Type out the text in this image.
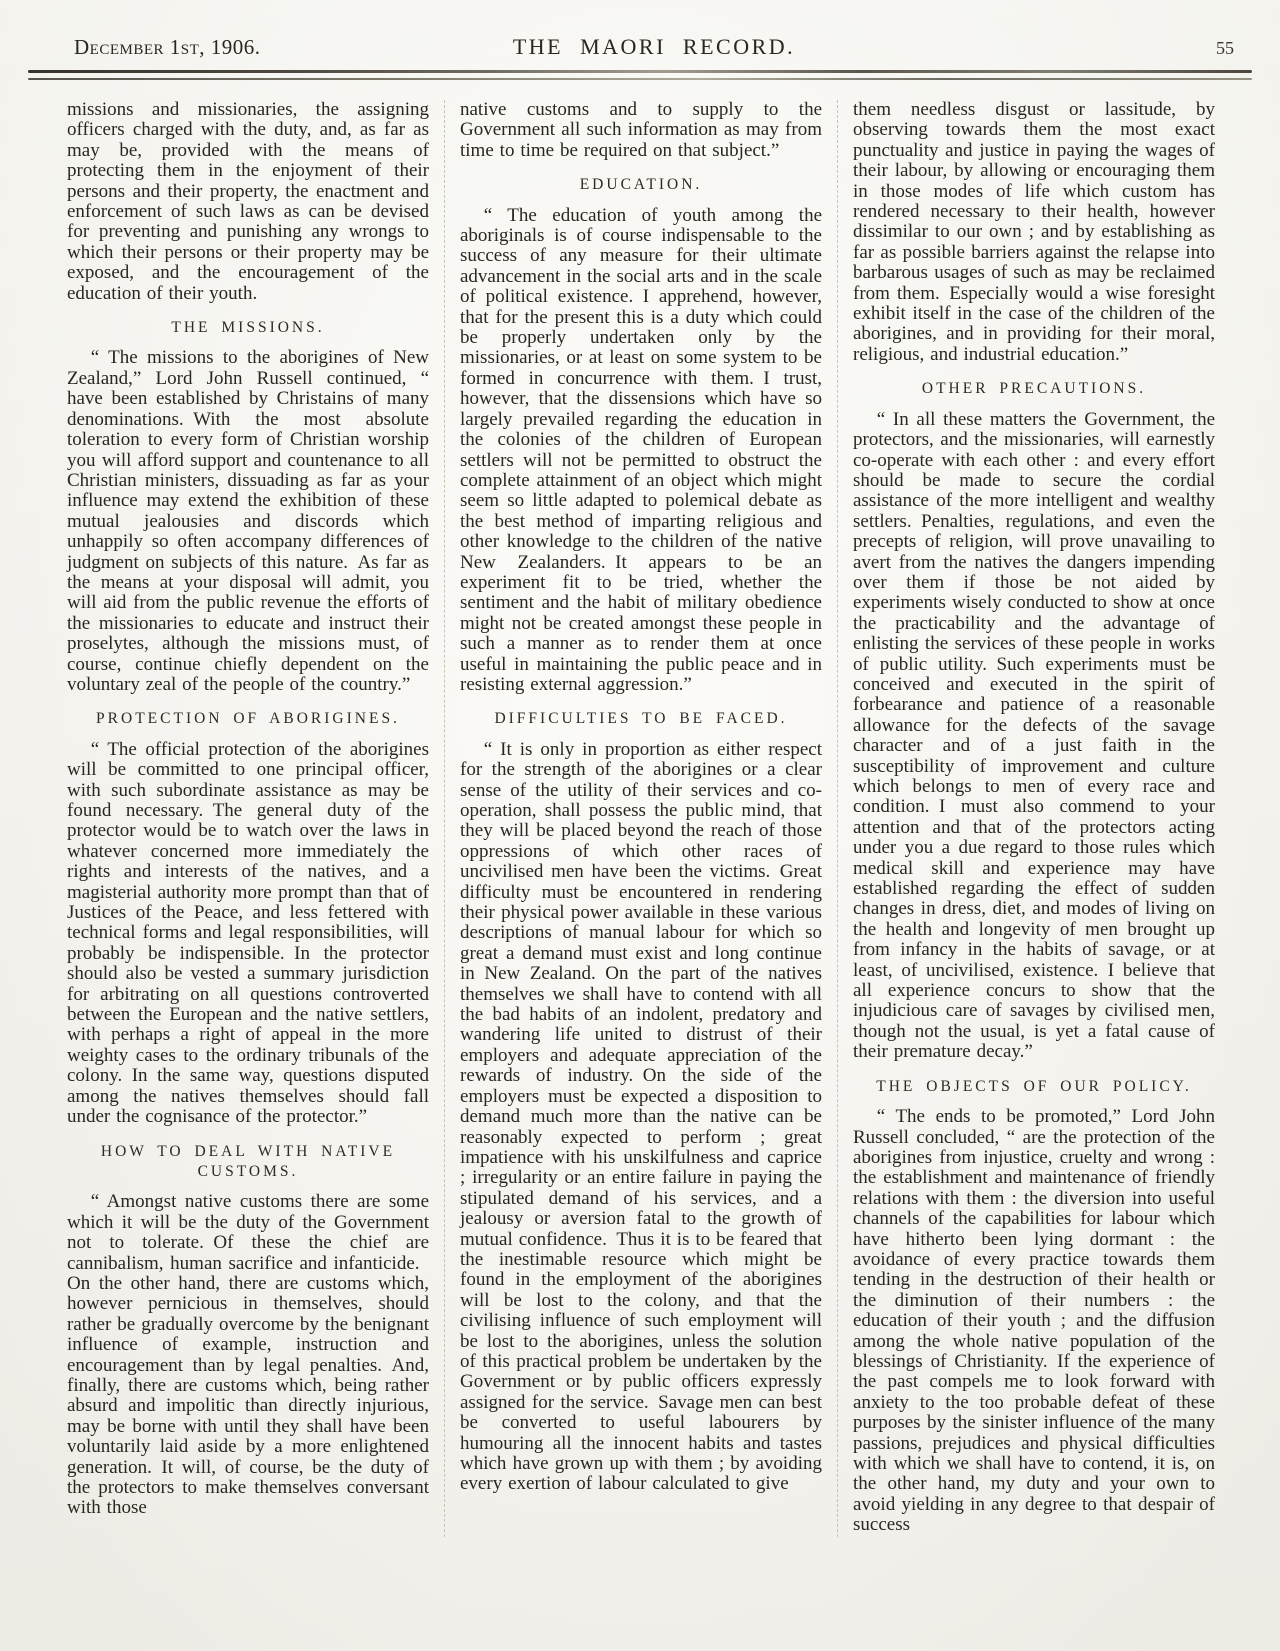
December 1st, 1906.	THE MAORI RECORD.	55

missions and missionaries, the assigning officers charged with the duty, and, as far as may be, provided with the means of protecting them in the enjoyment of their persons and their property, the enactment and enforcement of such laws as can be devised for preventing and punishing any wrongs to which their persons or their property may be exposed, and the encouragement of the education of their youth.

THE MISSIONS.

“ The missions to the aborigines of New Zealand,” Lord John Russell continued, “ have been established by Christains of many denominations. With the most absolute toleration to every form of Christian worship you will afford support and countenance to all Christian ministers, dissuading as far as your influence may extend the exhibition of these mutual jealousies and discords which unhappily so often accompany differences of judgment on subjects of this nature. As far as the means at your disposal will admit, you will aid from the public revenue the efforts of the missionaries to educate and instruct their proselytes, although the missions must, of course, continue chiefly dependent on the voluntary zeal of the people of the country.”

PROTECTION OF ABORIGINES.

“ The official protection of the aborigines will be committed to one principal officer, with such subordinate assistance as may be found necessary. The general duty of the protector would be to watch over the laws in whatever concerned more immediately the rights and interests of the natives, and a magisterial authority more prompt than that of Justices of the Peace, and less fettered with technical forms and legal responsibilities, will probably be indispensible. In the protector should also be vested a summary jurisdiction for arbitrating on all questions controverted between the European and the native settlers, with perhaps a right of appeal in the more weighty cases to the ordinary tribunals of the colony. In the same way, questions disputed among the natives themselves should fall under the cognisance of the protector.”

HOW TO DEAL WITH NATIVE CUSTOMS.

“ Amongst native customs there are some which it will be the duty of the Government not to tolerate. Of these the chief are cannibalism, human sacrifice and infanticide. On the other hand, there are customs which, however pernicious in themselves, should rather be gradually overcome by the benignant influence of example, instruction and encouragement than by legal penalties. And, finally, there are customs which, being rather absurd and impolitic than directly injurious, may be borne with until they shall have been voluntarily laid aside by a more enlightened generation. It will, of course, be the duty of the protectors to make themselves conversant with those

native customs and to supply to the Government all such information as may from time to time be required on that subject.”

EDUCATION.

“ The education of youth among the aboriginals is of course indispensable to the success of any measure for their ultimate advancement in the social arts and in the scale of political existence. I apprehend, however, that for the present this is a duty which could be properly undertaken only by the missionaries, or at least on some system to be formed in concurrence with them. I trust, however, that the dissensions which have so largely prevailed regarding the education in the colonies of the children of European settlers will not be permitted to obstruct the complete attainment of an object which might seem so little adapted to polemical debate as the best method of imparting religious and other knowledge to the children of the native New Zealanders. It appears to be an experiment fit to be tried, whether the sentiment and the habit of military obedience might not be created amongst these people in such a manner as to render them at once useful in maintaining the public peace and in resisting external aggression.”

DIFFICULTIES TO BE FACED.

“ It is only in proportion as either respect for the strength of the aborigines or a clear sense of the utility of their services and co-operation, shall possess the public mind, that they will be placed beyond the reach of those oppressions of which other races of uncivilised men have been the victims. Great difficulty must be encountered in rendering their physical power available in these various descriptions of manual labour for which so great a demand must exist and long continue in New Zealand. On the part of the natives themselves we shall have to contend with all the bad habits of an indolent, predatory and wandering life united to distrust of their employers and adequate appreciation of the rewards of industry. On the side of the employers must be expected a disposition to demand much more than the native can be reasonably expected to perform ; great impatience with his unskilfulness and caprice ; irregularity or an entire failure in paying the stipulated demand of his services, and a jealousy or aversion fatal to the growth of mutual confidence. Thus it is to be feared that the inestimable resource which might be found in the employment of the aborigines will be lost to the colony, and that the civilising influence of such employment will be lost to the aborigines, unless the solution of this practical problem be undertaken by the Government or by public officers expressly assigned for the service. Savage men can best be converted to useful labourers by humouring all the innocent habits and tastes which have grown up with them ; by avoiding every exertion of labour calculated to give

them needless disgust or lassitude, by observing towards them the most exact punctuality and justice in paying the wages of their labour, by allowing or encouraging them in those modes of life which custom has rendered necessary to their health, however dissimilar to our own ; and by establishing as far as possible barriers against the relapse into barbarous usages of such as may be reclaimed from them. Especially would a wise foresight exhibit itself in the case of the children of the aborigines, and in providing for their moral, religious, and industrial education.”

OTHER PRECAUTIONS.

“ In all these matters the Government, the protectors, and the missionaries, will earnestly co-operate with each other : and every effort should be made to secure the cordial assistance of the more intelligent and wealthy settlers. Penalties, regulations, and even the precepts of religion, will prove unavailing to avert from the natives the dangers impending over them if those be not aided by experiments wisely conducted to show at once the practicability and the advantage of enlisting the services of these people in works of public utility. Such experiments must be conceived and executed in the spirit of forbearance and patience of a reasonable allowance for the defects of the savage character and of a just faith in the susceptibility of improvement and culture which belongs to men of every race and condition. I must also commend to your attention and that of the protectors acting under you a due regard to those rules which medical skill and experience may have established regarding the effect of sudden changes in dress, diet, and modes of living on the health and longevity of men brought up from infancy in the habits of savage, or at least, of uncivilised, existence. I believe that all experience concurs to show that the injudicious care of savages by civilised men, though not the usual, is yet a fatal cause of their premature decay.”

THE OBJECTS OF OUR POLICY.

“ The ends to be promoted,” Lord John Russell concluded, “ are the protection of the aborigines from injustice, cruelty and wrong : the establishment and maintenance of friendly relations with them : the diversion into useful channels of the capabilities for labour which have hitherto been lying dormant : the avoidance of every practice towards them tending in the destruction of their health or the diminution of their numbers : the education of their youth ; and the diffusion among the whole native population of the blessings of Christianity. If the experience of the past compels me to look forward with anxiety to the too probable defeat of these purposes by the sinister influence of the many passions, prejudices and physical difficulties with which we shall have to contend, it is, on the other hand, my duty and your own to avoid yielding in any degree to that despair of success
